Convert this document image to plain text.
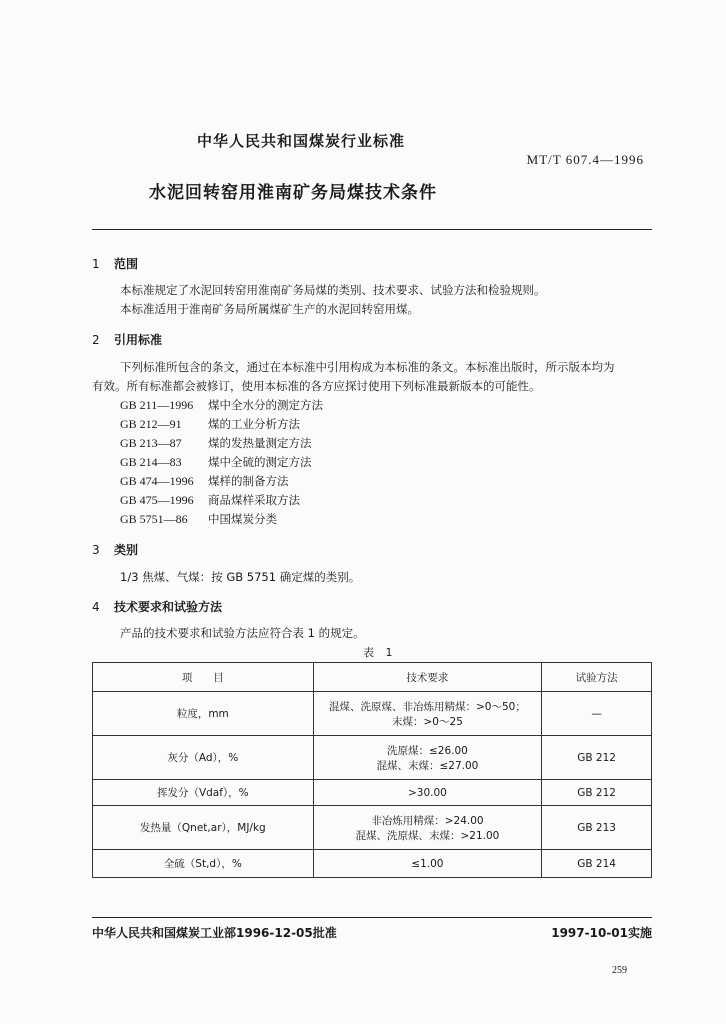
中华人民共和国煤炭行业标准
MT/T 607.4—1996
水泥回转窑用淮南矿务局煤技术条件
1 范围
本标准规定了水泥回转窑用淮南矿务局煤的类别、技术要求、试验方法和检验规则。
本标准适用于淮南矿务局所属煤矿生产的水泥回转窑用煤。
2 引用标准
下列标准所包含的条文，通过在本标准中引用构成为本标准的条文。本标准出版时，所示版本均为
有效。所有标准都会被修订，使用本标准的各方应探讨使用下列标准最新版本的可能性。
GB 211—1996 煤中全水分的测定方法
GB 212—91 煤的工业分析方法
GB 213—87 煤的发热量测定方法
GB 214—83 煤中全硫的测定方法
GB 474—1996 煤样的制备方法
GB 475—1996 商品煤样采取方法
GB 5751—86 中国煤炭分类
3 类别
1/3 焦煤、气煤：按 GB 5751 确定煤的类别。
4 技术要求和试验方法
产品的技术要求和试验方法应符合表 1 的规定。
表 1
项　　目	技术要求	试验方法
粒度，mm	混煤、洗原煤、非冶炼用精煤：>0～50；
末煤：>0～25	—
灰分（Ad），%	洗原煤：≤26.00
混煤、末煤：≤27.00	GB 212
挥发分（Vdaf），%	>30.00	GB 212
发热量（Qnet,ar），MJ/kg	非冶炼用精煤：>24.00
混煤、洗原煤、末煤：>21.00	GB 213
全硫（St,d），%	≤1.00	GB 214
中华人民共和国煤炭工业部1996-12-05批准	1997-10-01实施
259
